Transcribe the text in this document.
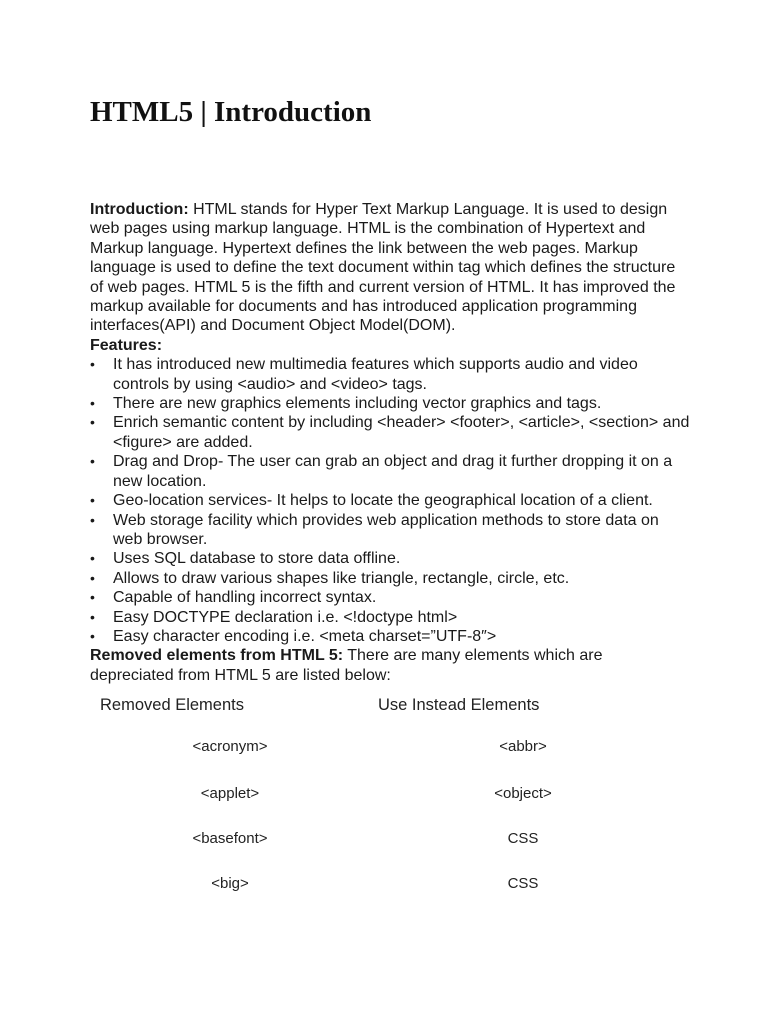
HTML5 | Introduction

Introduction: HTML stands for Hyper Text Markup Language. It is used to design web pages using markup language. HTML is the combination of Hypertext and Markup language. Hypertext defines the link between the web pages. Markup language is used to define the text document within tag which defines the structure of web pages. HTML 5 is the fifth and current version of HTML. It has improved the markup available for documents and has introduced application programming interfaces(API) and Document Object Model(DOM).

Features:

•	It has introduced new multimedia features which supports audio and video controls by using <audio> and <video> tags.
•	There are new graphics elements including vector graphics and tags.
•	Enrich semantic content by including <header> <footer>, <article>, <section> and <figure> are added.
•	Drag and Drop- The user can grab an object and drag it further dropping it on a new location.
•	Geo-location services- It helps to locate the geographical location of a client.
•	Web storage facility which provides web application methods to store data on web browser.
•	Uses SQL database to store data offline.
•	Allows to draw various shapes like triangle, rectangle, circle, etc.
•	Capable of handling incorrect syntax.
•	Easy DOCTYPE declaration i.e. <!doctype html>
•	Easy character encoding i.e. <meta charset=”UTF-8″>

Removed elements from HTML 5: There are many elements which are depreciated from HTML 5 are listed below:

Removed Elements	Use Instead Elements
<acronym>	<abbr>
<applet>	<object>
<basefont>	CSS
<big>	CSS
